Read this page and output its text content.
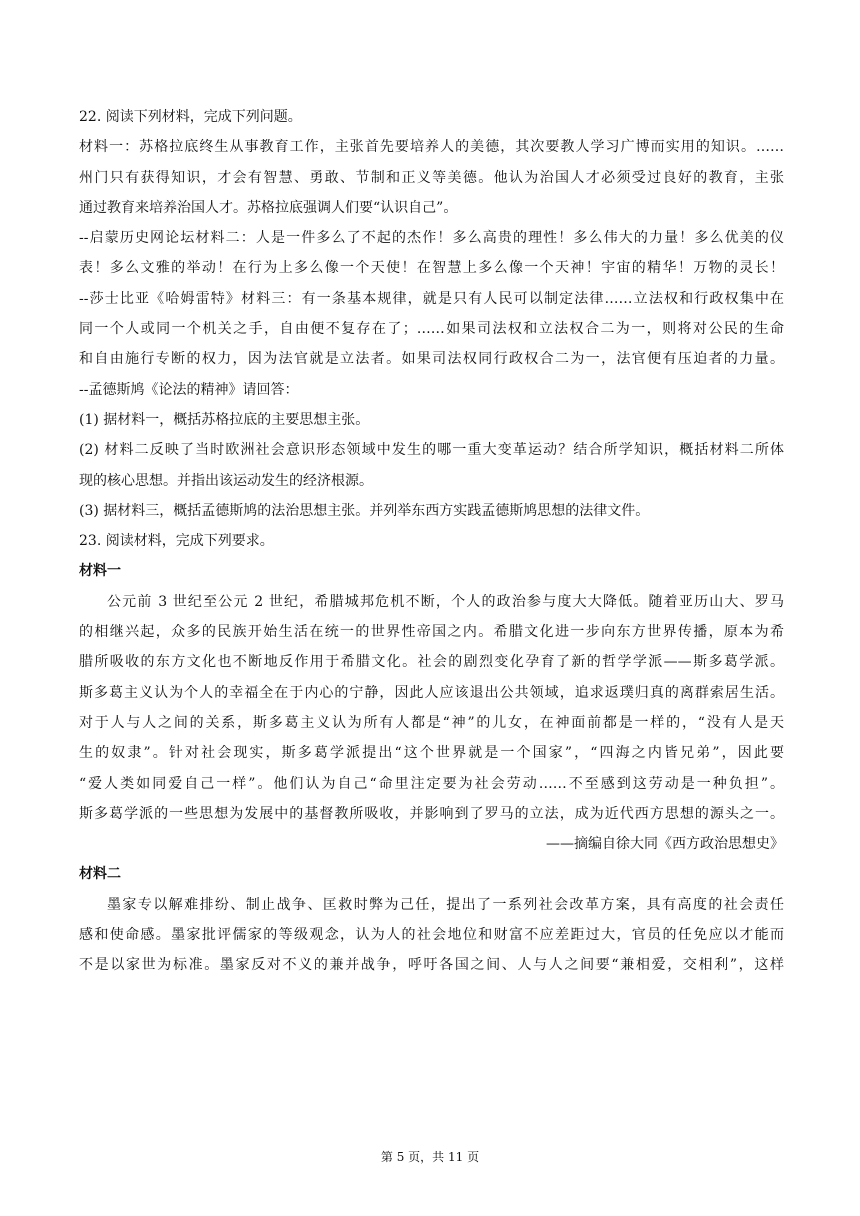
22. 阅读下列材料，完成下列问题。
材料一：苏格拉底终生从事教育工作，主张首先要培养人的美德，其次要教人学习广博而实用的知识。……
州门只有获得知识，才会有智慧、勇敢、节制和正义等美德。他认为治国人才必须受过良好的教育，主张
通过教育来培养治国人才。苏格拉底强调人们要“认识自己”。
--启蒙历史网论坛材料二：人是一件多么了不起的杰作！多么高贵的理性！多么伟大的力量！多么优美的仪
表！多么文雅的举动！在行为上多么像一个天使！在智慧上多么像一个天神！宇宙的精华！万物的灵长！
--莎士比亚《哈姆雷特》材料三：有一条基本规律，就是只有人民可以制定法律……立法权和行政权集中在
同一个人或同一个机关之手，自由便不复存在了；……如果司法权和立法权合二为一，则将对公民的生命
和自由施行专断的权力，因为法官就是立法者。如果司法权同行政权合二为一，法官便有压迫者的力量。
--孟德斯鸠《论法的精神》请回答：
(1) 据材料一，概括苏格拉底的主要思想主张。
(2) 材料二反映了当时欧洲社会意识形态领域中发生的哪一重大变革运动？结合所学知识，概括材料二所体
现的核心思想。并指出该运动发生的经济根源。
(3) 据材料三，概括孟德斯鸠的法治思想主张。并列举东西方实践孟德斯鸠思想的法律文件。
23. 阅读材料，完成下列要求。
材料一
公元前 3 世纪至公元 2 世纪，希腊城邦危机不断，个人的政治参与度大大降低。随着亚历山大、罗马
的相继兴起，众多的民族开始生活在统一的世界性帝国之内。希腊文化进一步向东方世界传播，原本为希
腊所吸收的东方文化也不断地反作用于希腊文化。社会的剧烈变化孕育了新的哲学学派——斯多葛学派。
斯多葛主义认为个人的幸福全在于内心的宁静，因此人应该退出公共领域，追求返璞归真的离群索居生活。
对于人与人之间的关系，斯多葛主义认为所有人都是“神”的儿女，在神面前都是一样的，“没有人是天
生的奴隶”。针对社会现实，斯多葛学派提出“这个世界就是一个国家”，“四海之内皆兄弟”，因此要
“爱人类如同爱自己一样”。他们认为自己“命里注定要为社会劳动……不至感到这劳动是一种负担”。
斯多葛学派的一些思想为发展中的基督教所吸收，并影响到了罗马的立法，成为近代西方思想的源头之一。
——摘编自徐大同《西方政治思想史》
材料二
墨家专以解难排纷、制止战争、匡救时弊为己任，提出了一系列社会改革方案，具有高度的社会责任
感和使命感。墨家批评儒家的等级观念，认为人的社会地位和财富不应差距过大，官员的任免应以才能而
不是以家世为标准。墨家反对不义的兼并战争，呼吁各国之间、人与人之间要“兼相爱，交相利”，这样
第 5 页，共 11 页
